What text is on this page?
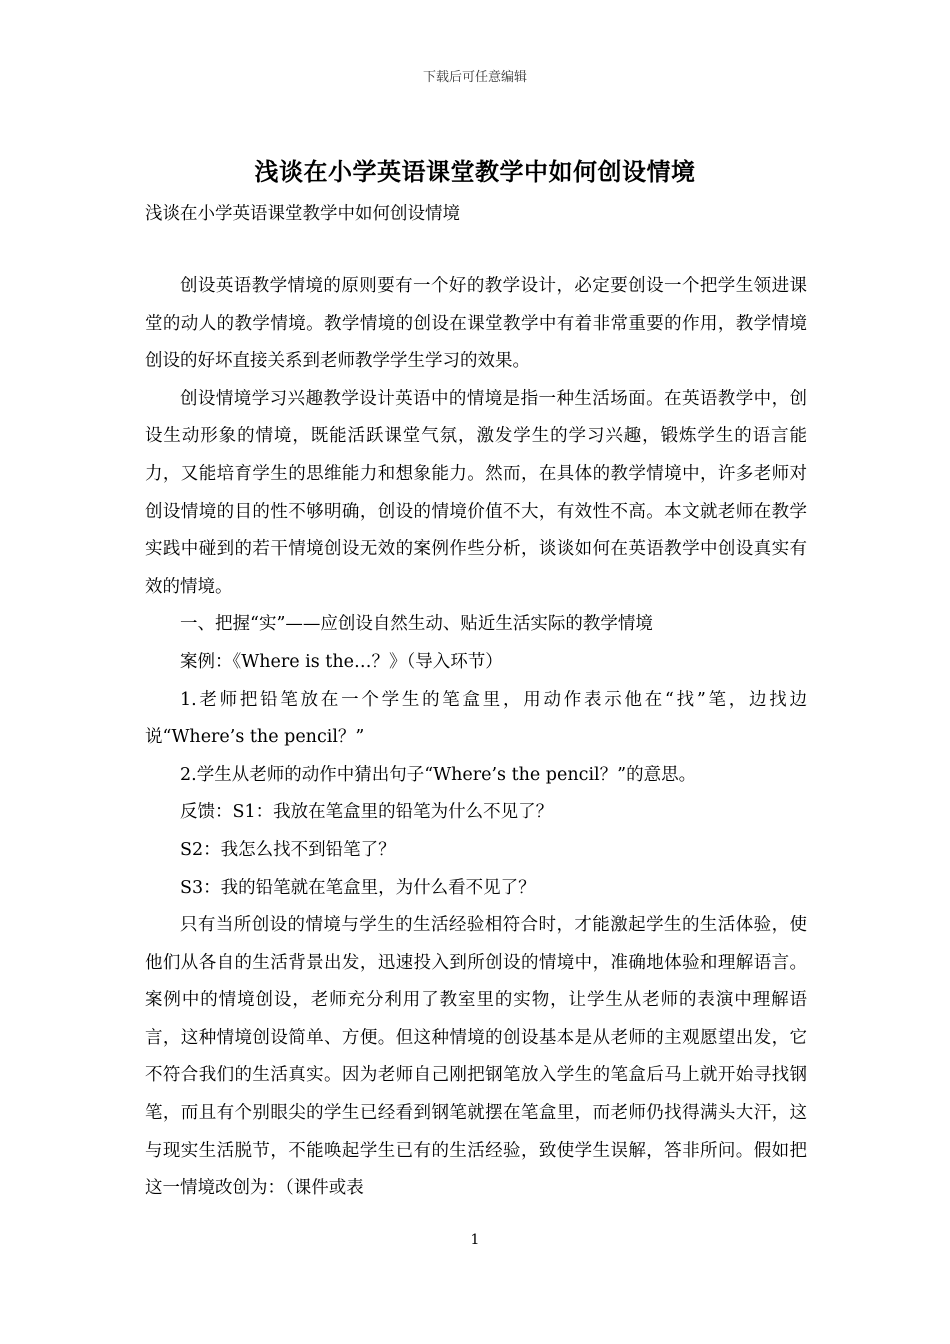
下载后可任意编辑
浅谈在小学英语课堂教学中如何创设情境
浅谈在小学英语课堂教学中如何创设情境

创设英语教学情境的原则要有一个好的教学设计，必定要创设一个把学生领进课堂的动人的教学情境。教学情境的创设在课堂教学中有着非常重要的作用，教学情境创设的好坏直接关系到老师教学学生学习的效果。

创设情境学习兴趣教学设计英语中的情境是指一种生活场面。在英语教学中，创设生动形象的情境，既能活跃课堂气氛，激发学生的学习兴趣，锻炼学生的语言能力，又能培育学生的思维能力和想象能力。然而，在具体的教学情境中，许多老师对创设情境的目的性不够明确，创设的情境价值不大，有效性不高。本文就老师在教学实践中碰到的若干情境创设无效的案例作些分析，谈谈如何在英语教学中创设真实有效的情境。

一、把握“实”——应创设自然生动、贴近生活实际的教学情境

案例：《Where is the…？》（导入环节）

1.老师把铅笔放在一个学生的笔盒里，用动作表示他在“找”笔，边找边说“Where’s the pencil？”

2.学生从老师的动作中猜出句子“Where’s the pencil？”的意思。

反馈：S1：我放在笔盒里的铅笔为什么不见了？

S2：我怎么找不到铅笔了？

S3：我的铅笔就在笔盒里，为什么看不见了？

只有当所创设的情境与学生的生活经验相符合时，才能激起学生的生活体验，使他们从各自的生活背景出发，迅速投入到所创设的情境中，准确地体验和理解语言。案例中的情境创设，老师充分利用了教室里的实物，让学生从老师的表演中理解语言，这种情境创设简单、方便。但这种情境的创设基本是从老师的主观愿望出发，它不符合我们的生活真实。因为老师自己刚把钢笔放入学生的笔盒后马上就开始寻找钢笔，而且有个别眼尖的学生已经看到钢笔就摆在笔盒里，而老师仍找得满头大汗，这与现实生活脱节，不能唤起学生已有的生活经验，致使学生误解，答非所问。假如把这一情境改创为：（课件或表

1
